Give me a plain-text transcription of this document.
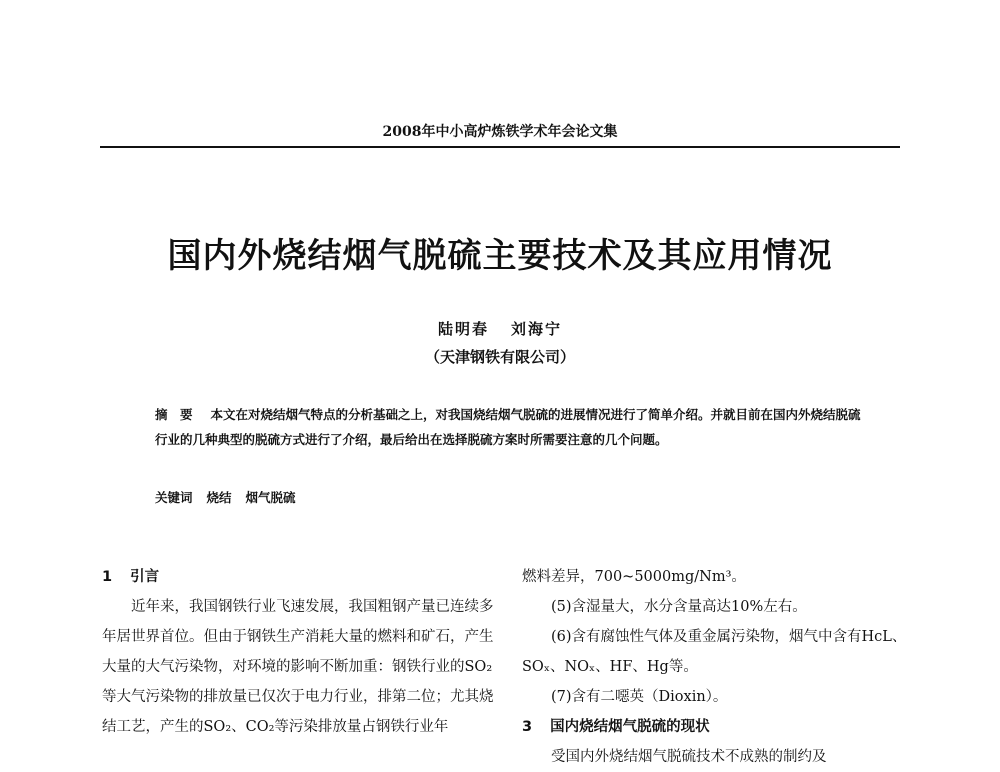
2008年中小高炉炼铁学术年会论文集
国内外烧结烟气脱硫主要技术及其应用情况
陆明春 刘海宁
（天津钢铁有限公司）
摘　要 本文在对烧结烟气特点的分析基础之上，对我国烧结烟气脱硫的进展情况进行了简单介绍。并就目前在国内外烧结脱硫行业的几种典型的脱硫方式进行了介绍，最后给出在选择脱硫方案时所需要注意的几个问题。
关键词 烧结 烟气脱硫

1 引言

近年来，我国钢铁行业飞速发展，我国粗钢产量已连续多年居世界首位。但由于钢铁生产消耗大量的燃料和矿石，产生大量的大气污染物，对环境的影响不断加重：钢铁行业的SO₂等大气污染物的排放量已仅次于电力行业，排第二位；尤其烧结工艺，产生的SO₂、CO₂等污染排放量占钢铁行业年

燃料差异，700~5000mg/Nm³。

(5)含湿量大，水分含量高达10%左右。

(6)含有腐蚀性气体及重金属污染物，烟气中含有HcL、SOₓ、NOₓ、HF、Hg等。

(7)含有二噁英（Dioxin）。

3 国内烧结烟气脱硫的现状

受国内外烧结烟气脱硫技术不成熟的制约及
